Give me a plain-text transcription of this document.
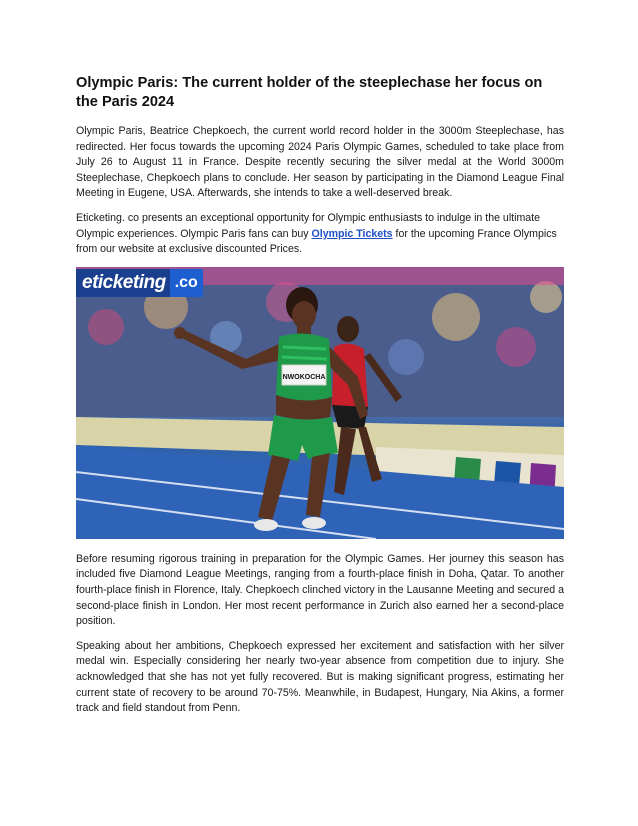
Olympic Paris: The current holder of the steeplechase her focus on the Paris 2024

Olympic Paris, Beatrice Chepkoech, the current world record holder in the 3000m Steeplechase, has redirected. Her focus towards the upcoming 2024 Paris Olympic Games, scheduled to take place from July 26 to August 11 in France. Despite recently securing the silver medal at the World 3000m Steeplechase, Chepkoech plans to conclude. Her season by participating in the Diamond League Final Meeting in Eugene, USA. Afterwards, she intends to take a well-deserved break.

Eticketing. co presents an exceptional opportunity for Olympic enthusiasts to indulge in the ultimate Olympic experiences. Olympic Paris fans can buy Olympic Tickets for the upcoming France Olympics from our website at exclusive discounted Prices.

NWOKOCHA
eticketing .co

Before resuming rigorous training in preparation for the Olympic Games. Her journey this season has included five Diamond League Meetings, ranging from a fourth-place finish in Doha, Qatar. To another fourth-place finish in Florence, Italy. Chepkoech clinched victory in the Lausanne Meeting and secured a second-place finish in London. Her most recent performance in Zurich also earned her a second-place position.

Speaking about her ambitions, Chepkoech expressed her excitement and satisfaction with her silver medal win. Especially considering her nearly two-year absence from competition due to injury. She acknowledged that she has not yet fully recovered. But is making significant progress, estimating her current state of recovery to be around 70-75%. Meanwhile, in Budapest, Hungary, Nia Akins, a former track and field standout from Penn.
